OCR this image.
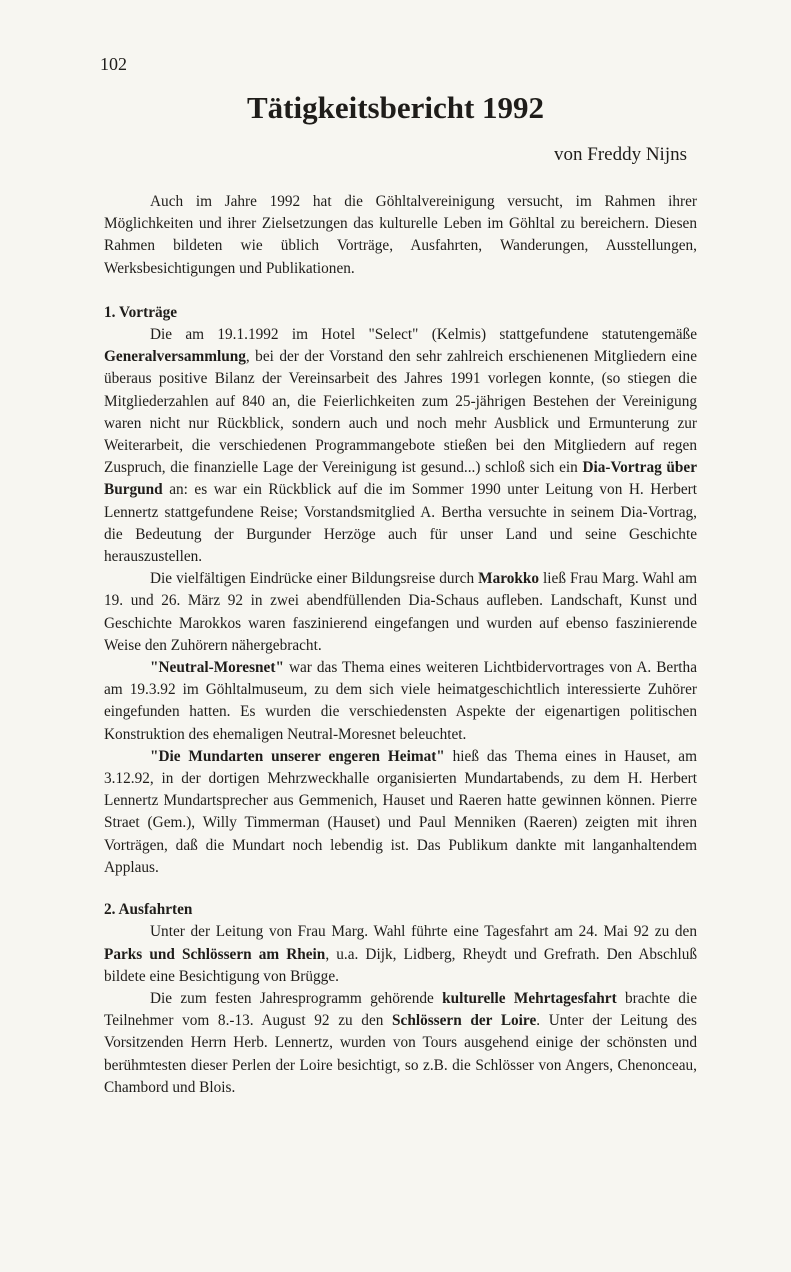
102
Tätigkeitsbericht 1992
von Freddy Nijns

Auch im Jahre 1992 hat die Göhltalvereinigung versucht, im Rahmen ihrer Möglichkeiten und ihrer Zielsetzungen das kulturelle Leben im Göhltal zu bereichern. Diesen Rahmen bildeten wie üblich Vorträge, Ausfahrten, Wanderungen, Ausstellungen, Werksbesichtigungen und Publikationen.

1. Vorträge

Die am 19.1.1992 im Hotel "Select" (Kelmis) stattgefundene statutengemäße Generalversammlung, bei der der Vorstand den sehr zahlreich erschienenen Mitgliedern eine überaus positive Bilanz der Vereinsarbeit des Jahres 1991 vorlegen konnte, (so stiegen die Mitgliederzahlen auf 840 an, die Feierlichkeiten zum 25-jährigen Bestehen der Vereinigung waren nicht nur Rückblick, sondern auch und noch mehr Ausblick und Ermunterung zur Weiterarbeit, die verschiedenen Programmangebote stießen bei den Mitgliedern auf regen Zuspruch, die finanzielle Lage der Vereinigung ist gesund...) schloß sich ein Dia-Vortrag über Burgund an: es war ein Rückblick auf die im Sommer 1990 unter Leitung von H. Herbert Lennertz stattgefundene Reise; Vorstandsmitglied A. Bertha versuchte in seinem Dia-Vortrag, die Bedeutung der Burgunder Herzöge auch für unser Land und seine Geschichte herauszustellen.

Die vielfältigen Eindrücke einer Bildungsreise durch Marokko ließ Frau Marg. Wahl am 19. und 26. März 92 in zwei abendfüllenden Dia-Schaus aufleben. Landschaft, Kunst und Geschichte Marokkos waren faszinierend eingefangen und wurden auf ebenso faszinierende Weise den Zuhörern nähergebracht.

"Neutral-Moresnet" war das Thema eines weiteren Lichtbidervortrages von A. Bertha am 19.3.92 im Göhltalmuseum, zu dem sich viele heimatgeschichtlich interessierte Zuhörer eingefunden hatten. Es wurden die verschiedensten Aspekte der eigenartigen politischen Konstruktion des ehemaligen Neutral-Moresnet beleuchtet.

"Die Mundarten unserer engeren Heimat" hieß das Thema eines in Hauset, am 3.12.92, in der dortigen Mehrzweckhalle organisierten Mundartabends, zu dem H. Herbert Lennertz Mundartsprecher aus Gemmenich, Hauset und Raeren hatte gewinnen können. Pierre Straet (Gem.), Willy Timmerman (Hauset) und Paul Menniken (Raeren) zeigten mit ihren Vorträgen, daß die Mundart noch lebendig ist. Das Publikum dankte mit langanhaltendem Applaus.

2. Ausfahrten

Unter der Leitung von Frau Marg. Wahl führte eine Tagesfahrt am 24. Mai 92 zu den Parks und Schlössern am Rhein, u.a. Dijk, Lidberg, Rheydt und Grefrath. Den Abschluß bildete eine Besichtigung von Brügge.

Die zum festen Jahresprogramm gehörende kulturelle Mehrtagesfahrt brachte die Teilnehmer vom 8.-13. August 92 zu den Schlössern der Loire. Unter der Leitung des Vorsitzenden Herrn Herb. Lennertz, wurden von Tours ausgehend einige der schönsten und berühmtesten dieser Perlen der Loire besichtigt, so z.B. die Schlösser von Angers, Chenonceau, Chambord und Blois.
